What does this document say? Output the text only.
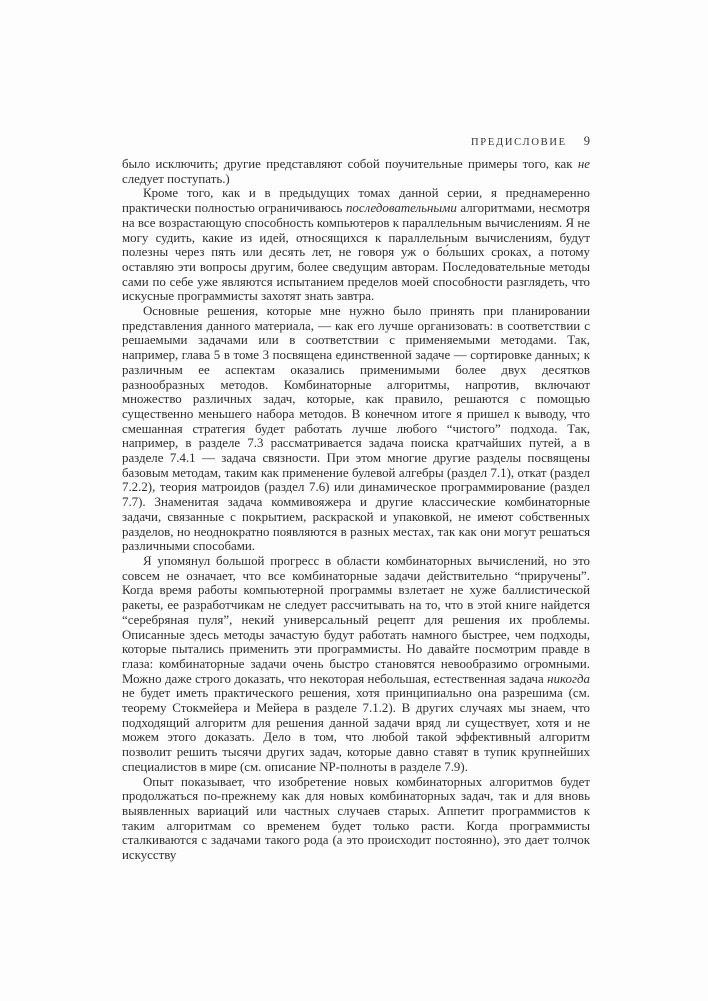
ПРЕДИСЛОВИЕ 9

было исключить; другие представляют собой поучительные примеры того, как не следует поступать.)

Кроме того, как и в предыдущих томах данной серии, я преднамеренно практически полностью ограничиваюсь последовательными алгоритмами, несмотря на все возрастающую способность компьютеров к параллельным вычислениям. Я не могу судить, какие из идей, относящихся к параллельным вычислениям, будут полезны через пять или десять лет, не говоря уж о бо́льших сроках, а потому оставляю эти вопросы другим, более сведущим авторам. Последовательные методы сами по себе уже являются испытанием пределов моей способности разглядеть, что искусные программисты захотят знать завтра.

Основные решения, которые мне нужно было принять при планировании представления данного материала, — как его лучше организовать: в соответствии с решаемыми задачами или в соответствии с применяемыми методами. Так, например, глава 5 в томе 3 посвящена единственной задаче — сортировке данных; к различным ее аспектам оказались применимыми более двух десятков разнообразных методов. Комбинаторные алгоритмы, напротив, включают множество различных задач, которые, как правило, решаются с помощью существенно меньшего набора методов. В конечном итоге я пришел к выводу, что смешанная стратегия будет работать лучше любого “чистого” подхода. Так, например, в разделе 7.3 рассматривается задача поиска кратчайших путей, а в разделе 7.4.1 — задача связности. При этом многие другие разделы посвящены базовым методам, таким как применение булевой алгебры (раздел 7.1), откат (раздел 7.2.2), теория матроидов (раздел 7.6) или динамическое программирование (раздел 7.7). Знаменитая задача коммивояжера и другие классические комбинаторные задачи, связанные с покрытием, раскраской и упаковкой, не имеют собственных разделов, но неоднократно появляются в разных местах, так как они могут решаться различными способами.

Я упомянул большой прогресс в области комбинаторных вычислений, но это совсем не означает, что все комбинаторные задачи действительно “приручены”. Когда время работы компьютерной программы взлетает не хуже баллистической ракеты, ее разработчикам не следует рассчитывать на то, что в этой книге найдется “серебряная пуля”, некий универсальный рецепт для решения их проблемы. Описанные здесь методы зачастую будут работать намного быстрее, чем подходы, которые пытались применить эти программисты. Но давайте посмотрим правде в глаза: комбинаторные задачи очень быстро становятся невообразимо огромными. Можно даже строго доказать, что некоторая небольшая, естественная задача никогда не будет иметь практического решения, хотя принципиально она разрешима (см. теорему Стокмейера и Мейера в разделе 7.1.2). В других случаях мы знаем, что подходящий алгоритм для решения данной задачи вряд ли существует, хотя и не можем этого доказать. Дело в том, что любой такой эффективный алгоритм позволит решить тысячи других задач, которые давно ставят в тупик крупнейших специалистов в мире (см. описание NP-полноты в разделе 7.9).

Опыт показывает, что изобретение новых комбинаторных алгоритмов будет продолжаться по-прежнему как для новых комбинаторных задач, так и для вновь выявленных вариаций или частных случаев старых. Аппетит программистов к таким алгоритмам со временем будет только расти. Когда программисты сталкиваются с задачами такого рода (а это происходит постоянно), это дает толчок искусству
